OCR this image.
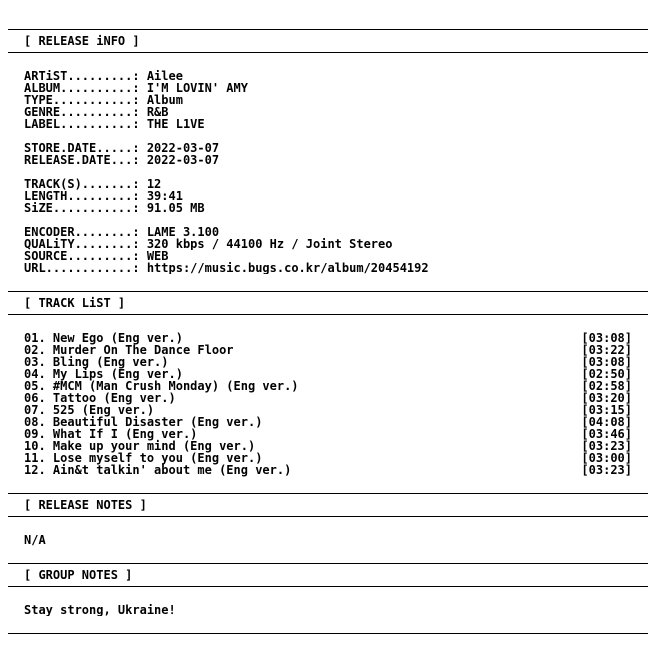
[ RELEASE iNFO ]
ARTiST.........: Ailee
ALBUM..........: I'M LOVIN' AMY
TYPE...........: Album
GENRE..........: R&B
LABEL..........: THE L1VE
STORE.DATE.....: 2022-03-07
RELEASE.DATE...: 2022-03-07
TRACK(S).......: 12
LENGTH.........: 39:41
SiZE...........: 91.05 MB
ENCODER........: LAME 3.100
QUALiTY........: 320 kbps / 44100 Hz / Joint Stereo
SOURCE.........: WEB
URL............: https://music.bugs.co.kr/album/20454192
[ TRACK LiST ]
01. New Ego (Eng ver.)	[03:08]
02. Murder On The Dance Floor	[03:22]
03. Bling (Eng ver.)	[03:08]
04. My Lips (Eng ver.)	[02:50]
05. #MCM (Man Crush Monday) (Eng ver.)	[02:58]
06. Tattoo (Eng ver.)	[03:20]
07. 525 (Eng ver.)	[03:15]
08. Beautiful Disaster (Eng ver.)	[04:08]
09. What If I (Eng ver.)	[03:46]
10. Make up your mind (Eng ver.)	[03:23]
11. Lose myself to you (Eng ver.)	[03:00]
12. Ain&t talkin' about me (Eng ver.)	[03:23]
[ RELEASE NOTES ]
N/A
[ GROUP NOTES ]
Stay strong, Ukraine!
